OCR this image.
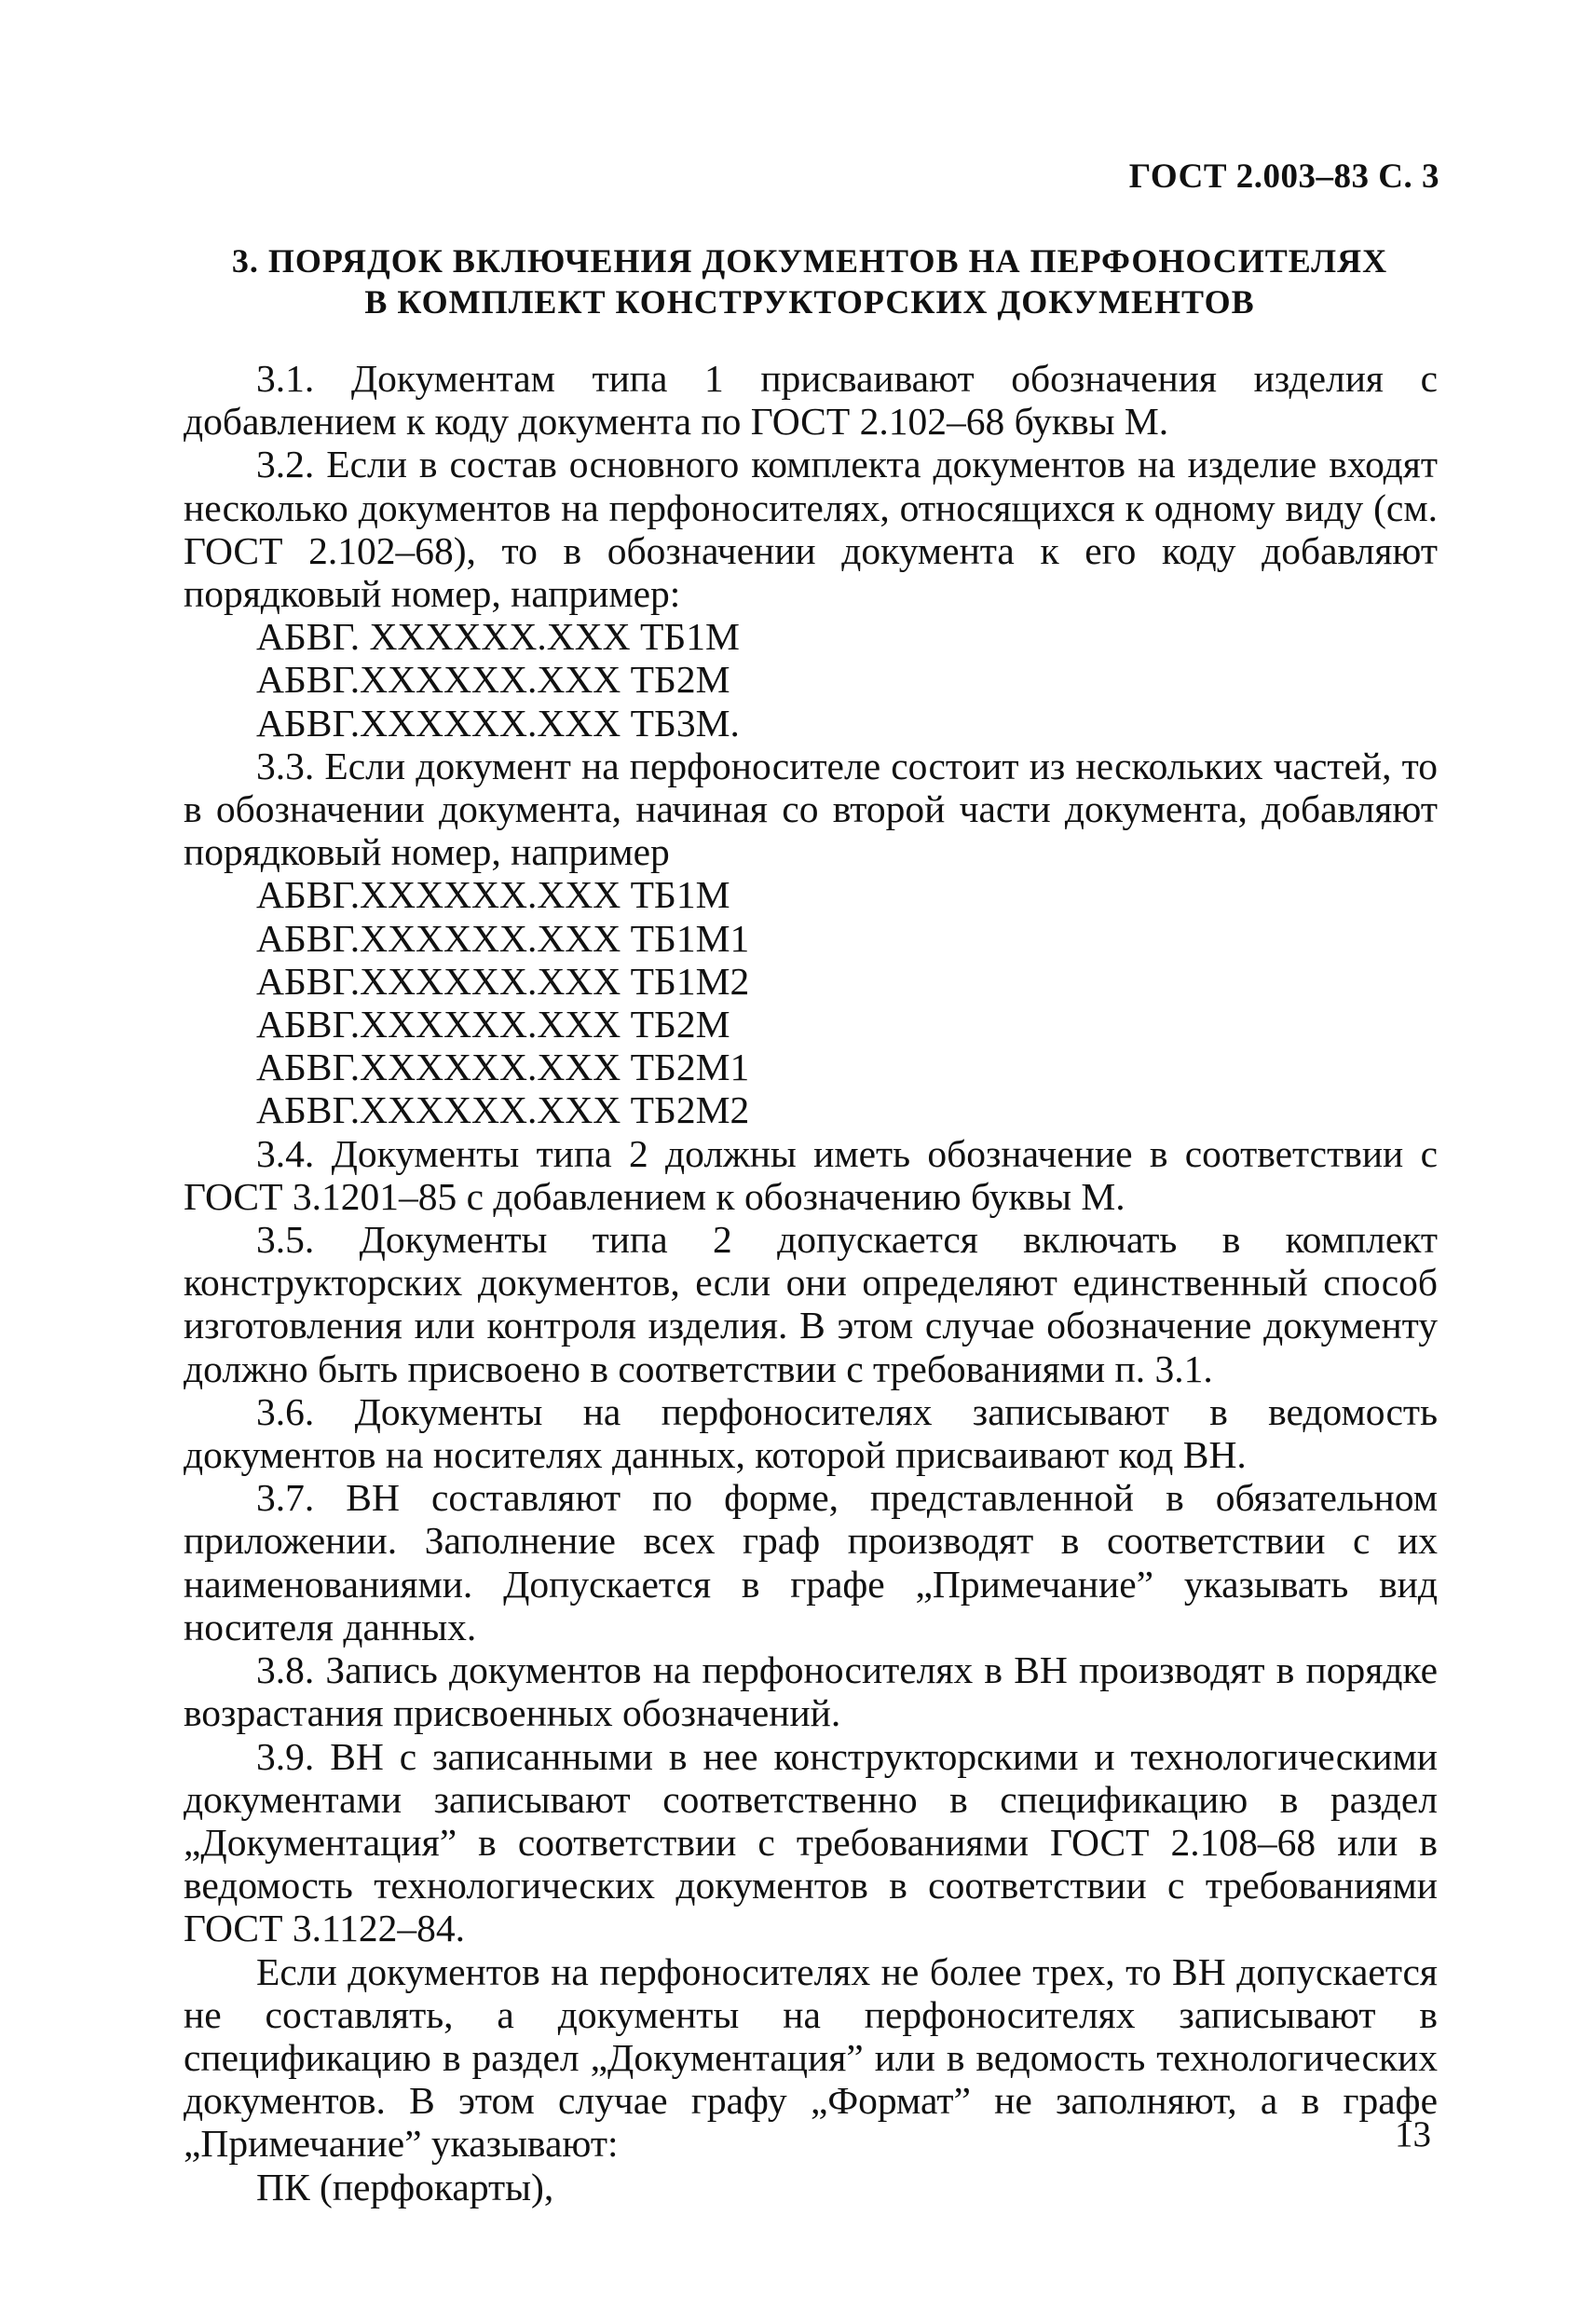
ГОСТ 2.003–83 С. 3
3. ПОРЯДОК ВКЛЮЧЕНИЯ ДОКУМЕНТОВ НА ПЕРФОНОСИТЕЛЯХ
В КОМПЛЕКТ КОНСТРУКТОРСКИХ ДОКУМЕНТОВ

3.1. Документам типа 1 присваивают обозначения изделия с добавлением к коду документа по ГОСТ 2.102–68 буквы М.

3.2. Если в состав основного комплекта документов на изделие входят несколько документов на перфоносителях, относящихся к одному виду (см. ГОСТ 2.102–68), то в обозначении документа к его коду добавляют порядковый номер, например:

АБВГ. XXXXXX.XXX ТБ1М
АБВГ.XXXXXX.XXX ТБ2М
АБВГ.XXXXXX.XXX ТБ3М.

3.3. Если документ на перфоносителе состоит из нескольких частей, то в обозначении документа, начиная со второй части документа, добавляют порядковый номер, например

АБВГ.XXXXXX.XXX ТБ1М
АБВГ.XXXXXX.XXX ТБ1М1
АБВГ.XXXXXX.XXX ТБ1М2
АБВГ.XXXXXX.XXX ТБ2М
АБВГ.XXXXXX.XXX ТБ2М1
АБВГ.XXXXXX.XXX ТБ2М2

3.4. Документы типа 2 должны иметь обозначение в соответствии с ГОСТ 3.1201–85 с добавлением к обозначению буквы М.

3.5. Документы типа 2 допускается включать в комплект конструкторских документов, если они определяют единственный способ изготовления или контроля изделия. В этом случае обозначение документу должно быть присвоено в соответствии с требованиями п. 3.1.

3.6. Документы на перфоносителях записывают в ведомость документов на носителях данных, которой присваивают код ВН.

3.7. ВН составляют по форме, представленной в обязательном приложении. Заполнение всех граф производят в соответствии с их наименованиями. Допускается в графе „Примечание” указывать вид носителя данных.

3.8. Запись документов на перфоносителях в ВН производят в порядке возрастания присвоенных обозначений.

3.9. ВН с записанными в нее конструкторскими и технологическими документами записывают соответственно в спецификацию в раздел „Документация” в соответствии с требованиями ГОСТ 2.108–68 или в ведомость технологических документов в соответствии с требованиями ГОСТ 3.1122–84.

Если документов на перфоносителях не более трех, то ВН допускается не составлять, а документы на перфоносителях записывают в спецификацию в раздел „Документация” или в ведомость технологических документов. В этом случае графу „Формат” не заполняют, а в графе „Примечание” указывают:

ПК (перфокарты),

13
